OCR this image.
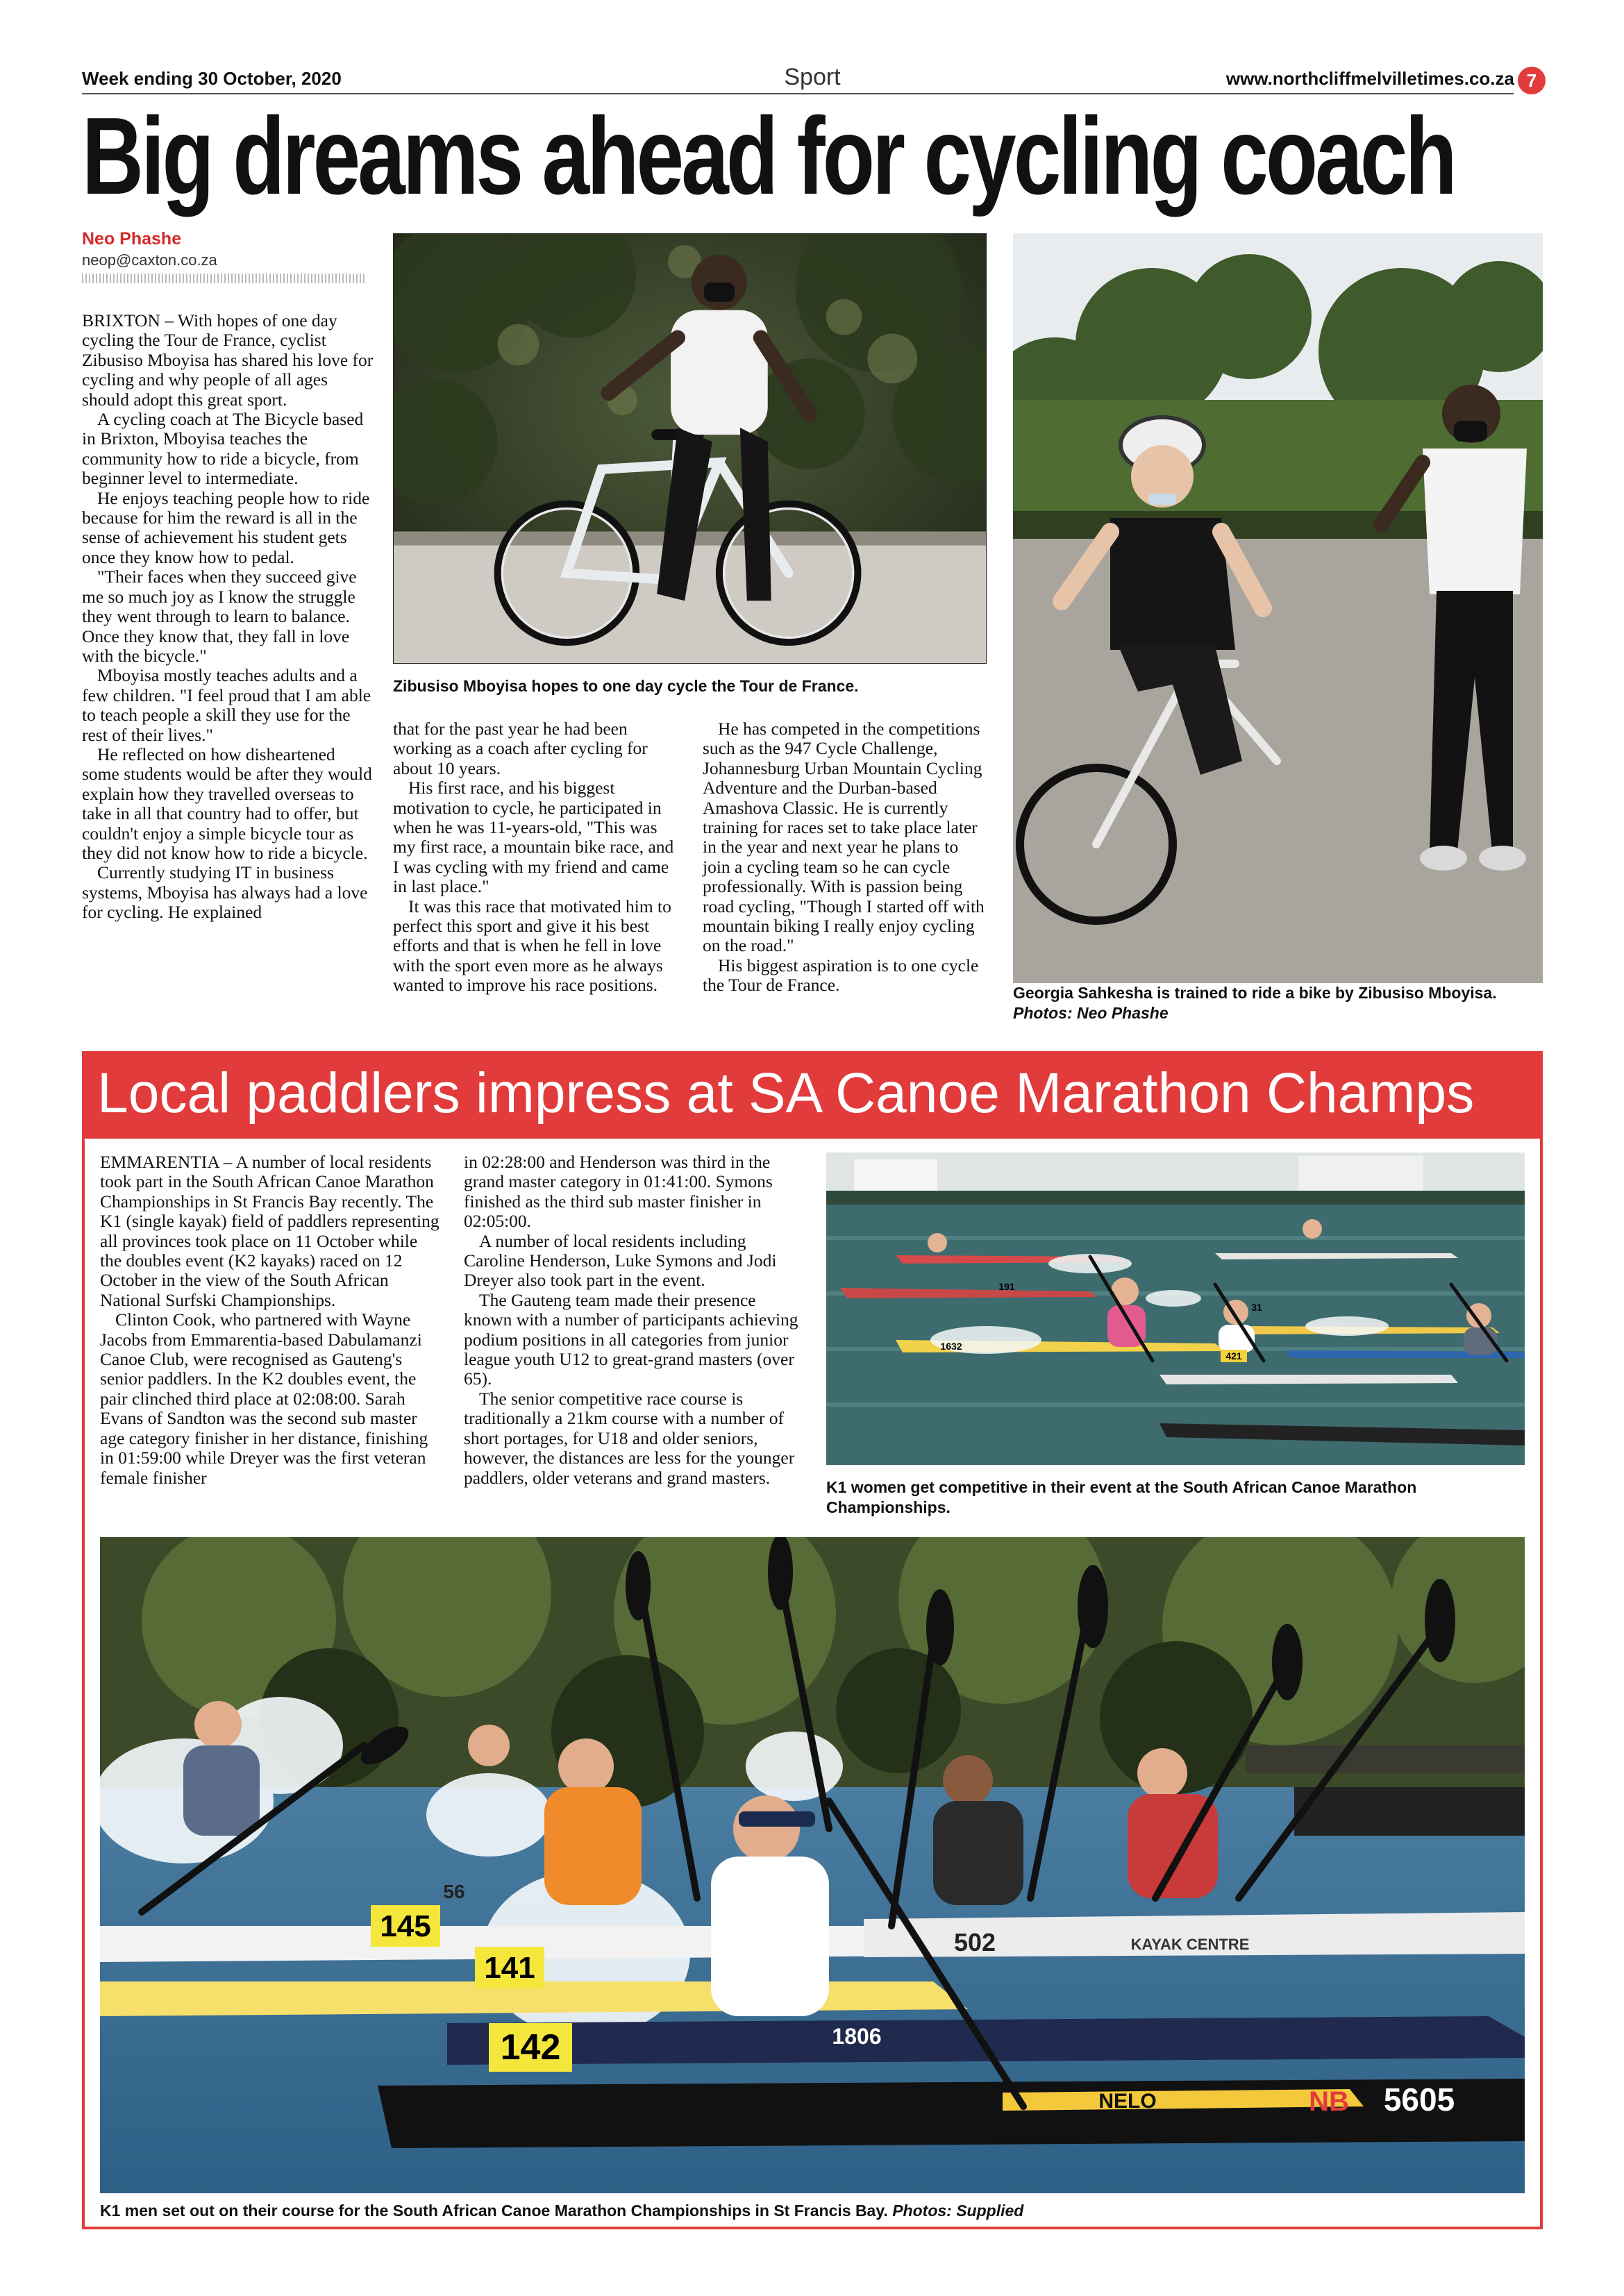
Week ending 30 October, 2020	Sport	www.northcliffmelvilletimes.co.za 7
Big dreams ahead for cycling coach
Neo Phashe
neop@caxton.co.za

BRIXTON – With hopes of one day cycling the Tour de France, cyclist Zibusiso Mboyisa has shared his love for cycling and why people of all ages should adopt this great sport.

A cycling coach at The Bicycle based in Brixton, Mboyisa teaches the community how to ride a bicycle, from beginner level to intermediate.

He enjoys teaching people how to ride because for him the reward is all in the sense of achievement his student gets once they know how to pedal.

"Their faces when they succeed give me so much joy as I know the struggle they went through to learn to balance. Once they know that, they fall in love with the bicycle."

Mboyisa mostly teaches adults and a few children. "I feel proud that I am able to teach people a skill they use for the rest of their lives."

He reflected on how disheartened some students would be after they would explain how they travelled overseas to take in all that country had to offer, but couldn't enjoy a simple bicycle tour as they did not know how to ride a bicycle.

Currently studying IT in business systems, Mboyisa has always had a love for cycling. He explained

Zibusiso Mboyisa hopes to one day cycle the Tour de France.

that for the past year he had been working as a coach after cycling for about 10 years.

His first race, and his biggest motivation to cycle, he participated in when he was 11-years-old, "This was my first race, a mountain bike race, and I was cycling with my friend and came in last place."

It was this race that motivated him to perfect this sport and give it his best efforts and that is when he fell in love with the sport even more as he always wanted to improve his race positions.

He has competed in the competitions such as the 947 Cycle Challenge, Johannesburg Urban Mountain Cycling Adventure and the Durban-based Amashova Classic. He is currently training for races set to take place later in the year and next year he plans to join a cycling team so he can cycle professionally. With is passion being road cycling, "Though I started off with mountain biking I really enjoy cycling on the road."

His biggest aspiration is to one cycle the Tour de France.	Georgia Sahkesha is trained to ride a bike by Zibusiso Mboyisa.
Photos: Neo Phashe
Local paddlers impress at SA Canoe Marathon Champs

EMMARENTIA – A number of local residents took part in the South African Canoe Marathon Championships in St Francis Bay recently. The K1 (single kayak) field of paddlers representing all provinces took place on 11 October while the doubles event (K2 kayaks) raced on 12 October in the view of the South African National Surfski Championships.

Clinton Cook, who partnered with Wayne Jacobs from Emmarentia-based Dabulamanzi Canoe Club, were recognised as Gauteng's senior paddlers. In the K2 doubles event, the pair clinched third place at 02:08:00. Sarah Evans of Sandton was the second sub master age category finisher in her distance, finishing in 01:59:00 while Dreyer was the first veteran female finisher

in 02:28:00 and Henderson was third in the grand master category in 01:41:00. Symons finished as the third sub master finisher in 02:05:00.

A number of local residents including Caroline Henderson, Luke Symons and Jodi Dreyer also took part in the event.

The Gauteng team made their presence known with a number of participants achieving podium positions in all categories from junior league youth U12 to great-grand masters (over 65).

The senior competitive race course is traditionally a 21km course with a number of short portages, for U18 and older seniors, however, the distances are less for the younger paddlers, older veterans and grand masters.

421
31
1632
191
K1 women get competitive in their event at the South African Canoe Marathon Championships.
145
141
142	1806
5605
502
56
KAYAK CENTRE
NB
NELO
K1 men set out on their course for the South African Canoe Marathon Championships in St Francis Bay. Photos: Supplied
